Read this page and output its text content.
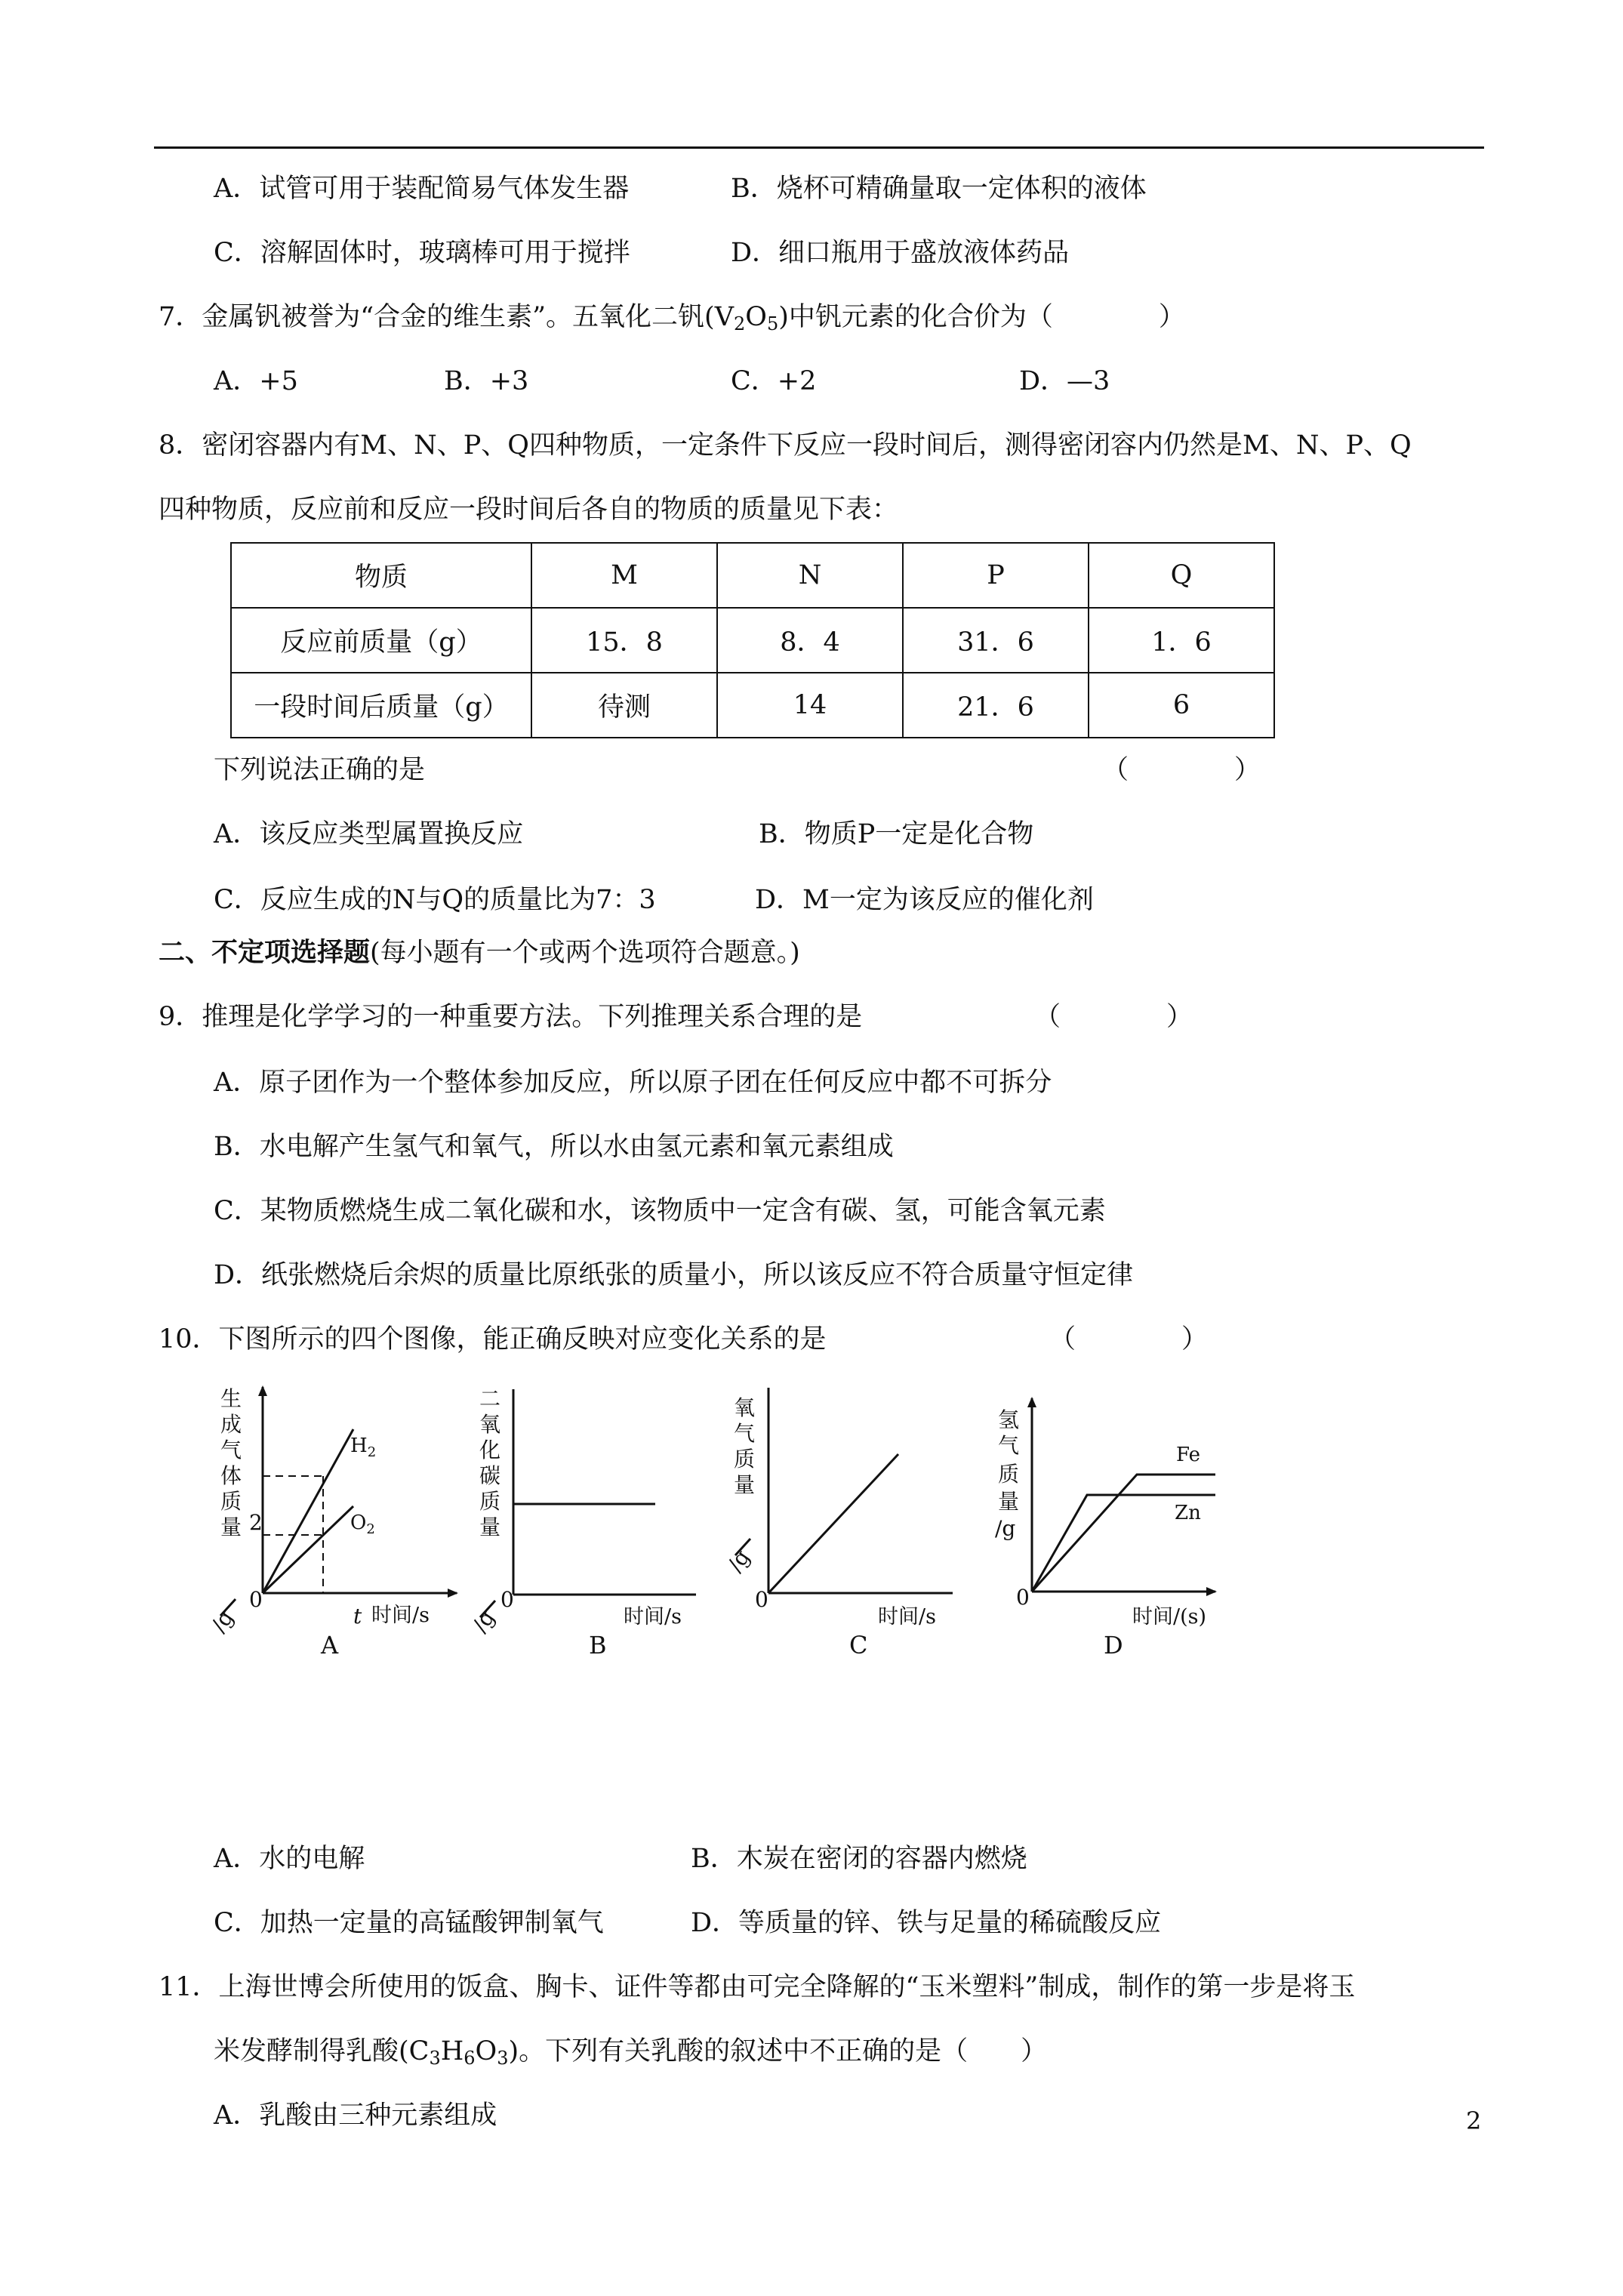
A．试管可用于装配简易气体发生器	B．烧杯可精确量取一定体积的液体
C．溶解固体时，玻璃棒可用于搅拌	D．细口瓶用于盛放液体药品
7．金属钒被誉为“合金的维生素”。五氧化二钒$(V_2O_5)$中钒元素的化合价为（　　　　）
A．+5	B．+3	C．+2	D．—3
8．密闭容器内有M、N、P、Q四种物质，一定条件下反应一段时间后，测得密闭容内仍然是M、N、P、Q
四种物质，反应前和反应一段时间后各自的物质的质量见下表：
物质	M	N	P	Q
反应前质量（g）	15．8	8．4	31．6	1．6
一段时间后质量（g）	待测	14	21．6	6
下列说法正确的是	（　　　　）
A．该反应类型属置换反应	B．物质P一定是化合物
C．反应生成的N与Q的质量比为7：3	D．M一定为该反应的催化剂
二、不定项选择题(每小题有一个或两个选项符合题意。)
9．推理是化学学习的一种重要方法。下列推理关系合理的是	（　　　　）
A．原子团作为一个整体参加反应，所以原子团在任何反应中都不可拆分
B．水电解产生氢气和氧气，所以水由氢元素和氧元素组成
C．某物质燃烧生成二氧化碳和水，该物质中一定含有碳、氢，可能含氧元素
D．纸张燃烧后余烬的质量比原纸张的质量小，所以该反应不符合质量守恒定律
10．下图所示的四个图像，能正确反映对应变化关系的是	（　　　　）
生
成
气
体
质
量
/g
2
0
t 时间/s
A
$H_2$
$O_2$
二
氧
化
碳
质
量
/g
0
时间/s
B
氧
气
质
量
/g
0
时间/s
C
氢
气
质
量
/g
0
时间/(s)
D
Fe
Zn
A．水的电解	B．木炭在密闭的容器内燃烧
C．加热一定量的高锰酸钾制氧气	D．等质量的锌、铁与足量的稀硫酸反应
11．上海世博会所使用的饭盒、胸卡、证件等都由可完全降解的“玉米塑料”制成，制作的第一步是将玉
米发酵制得乳酸$(C_3H_6O_3)$。下列有关乳酸的叙述中不正确的是（　　）
A．乳酸由三种元素组成	2
